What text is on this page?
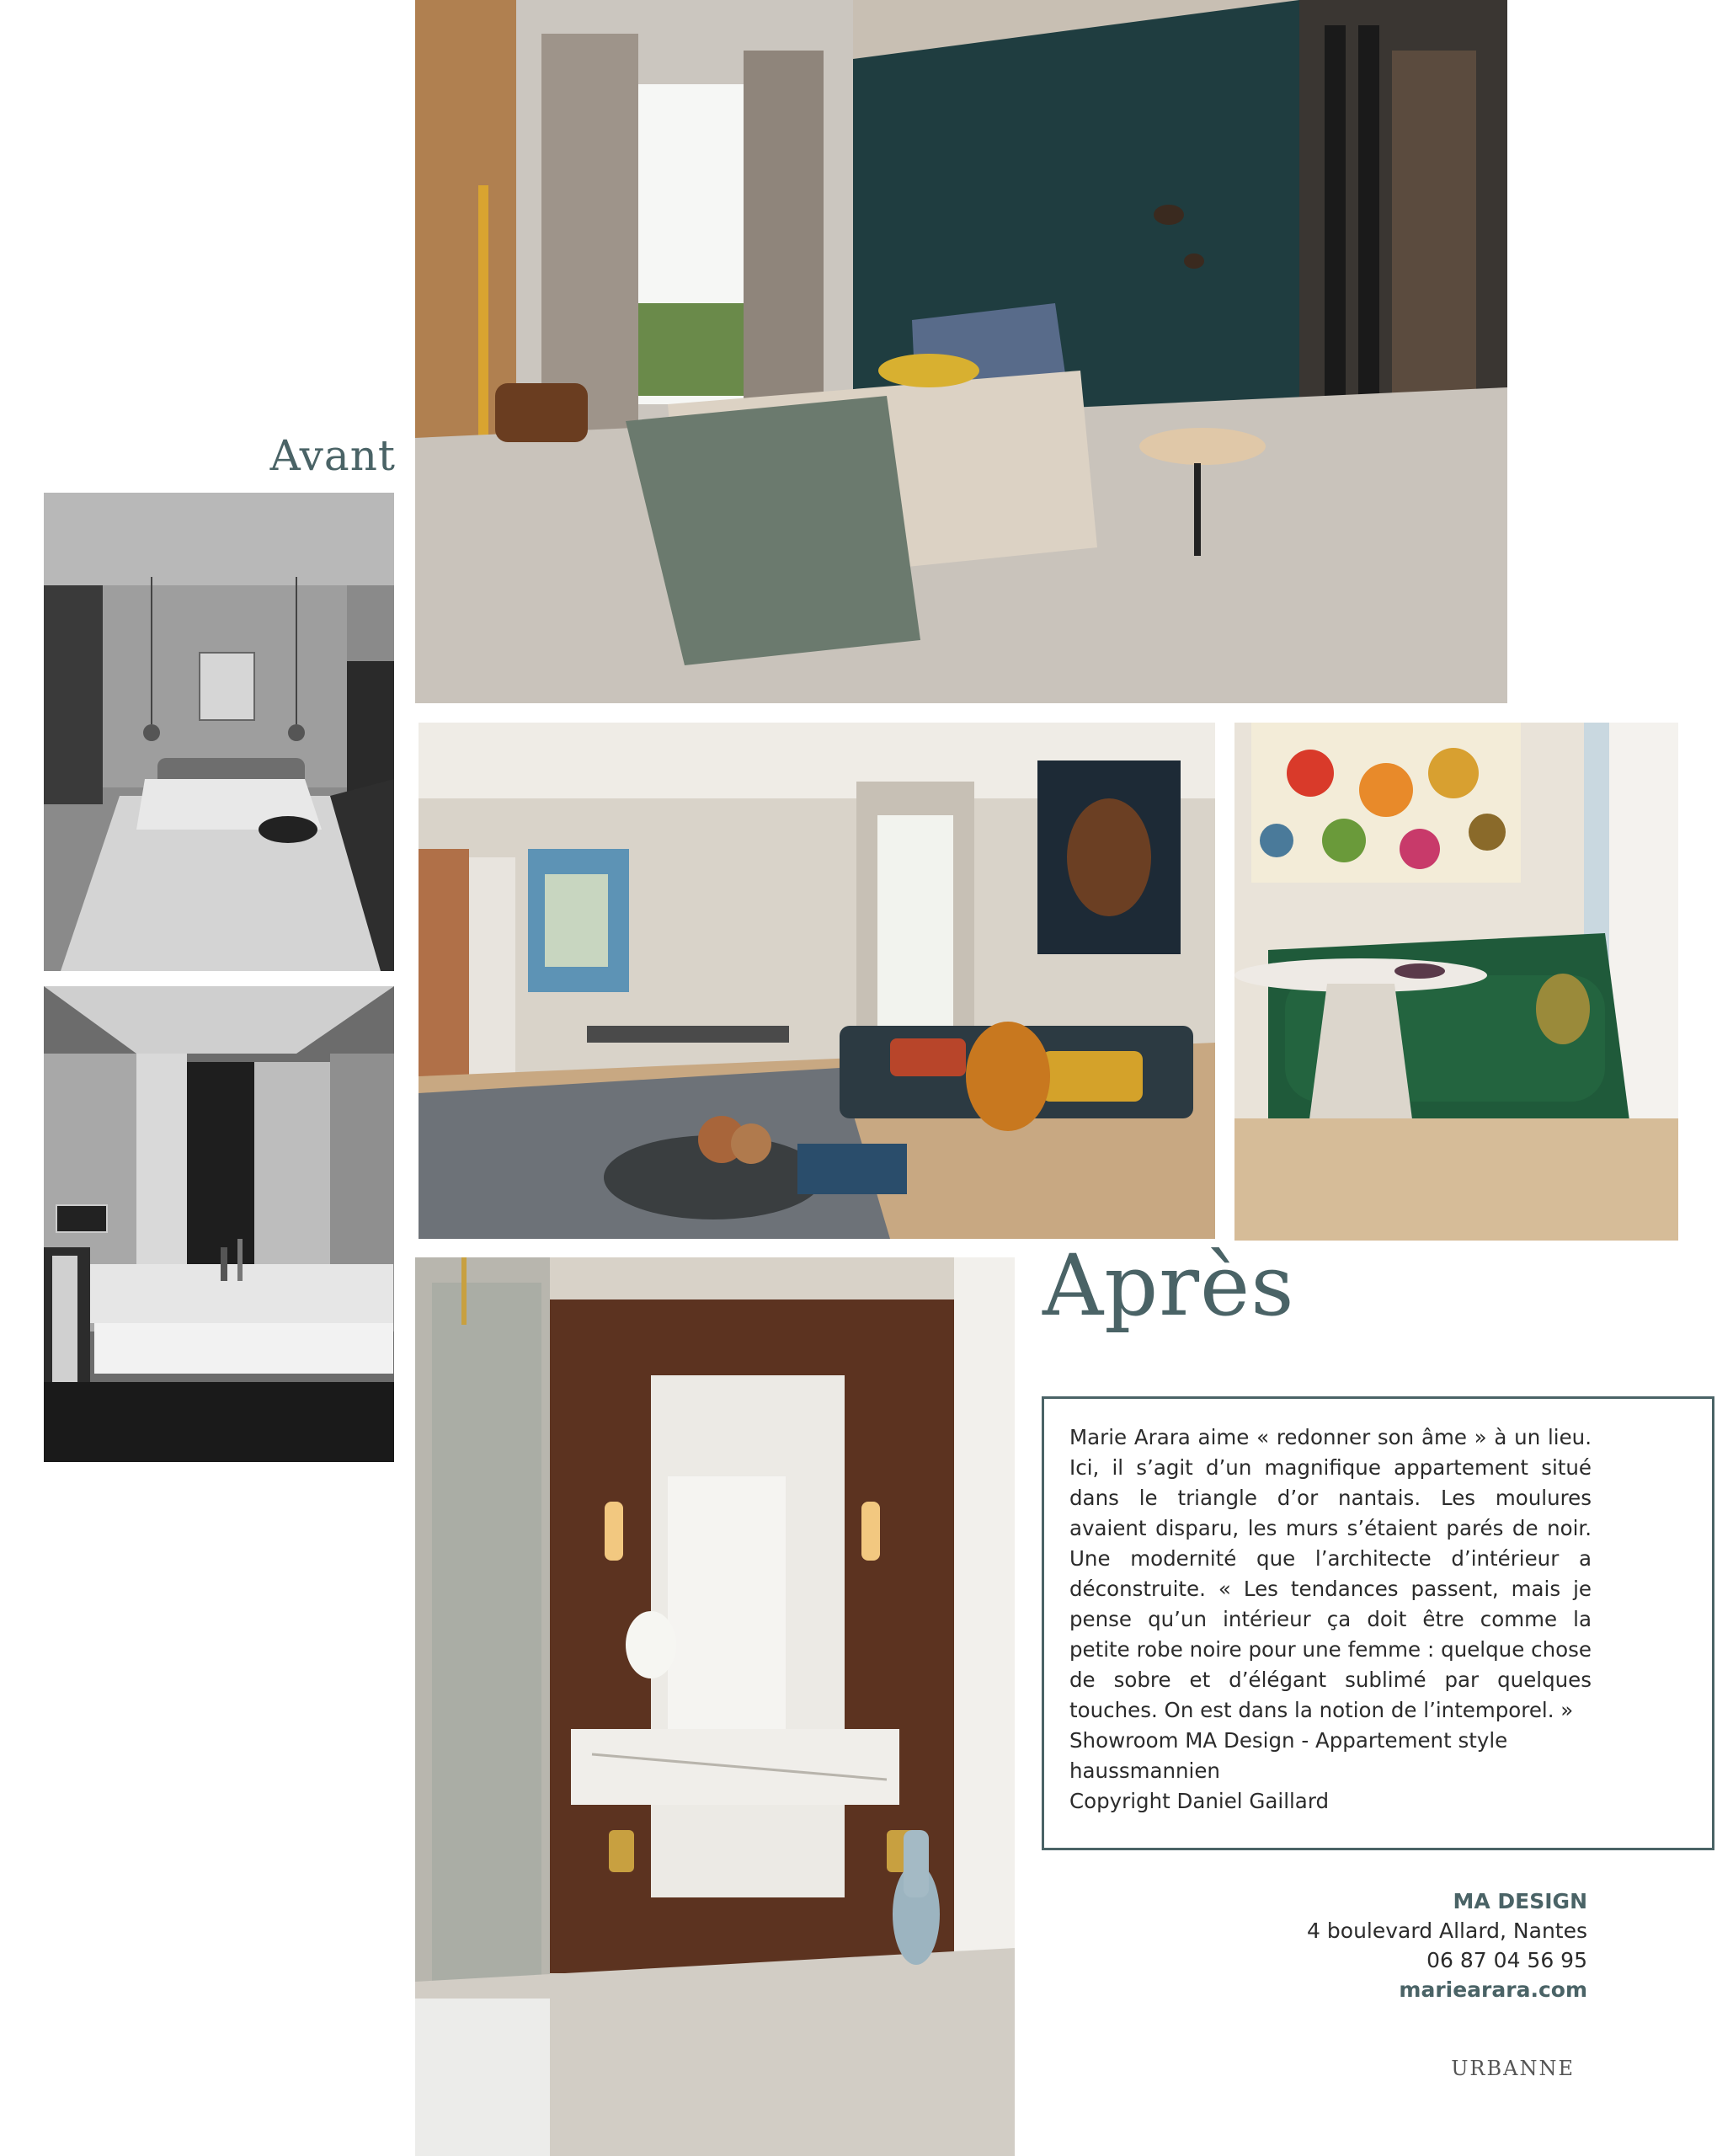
Avant
Après
Marie Arara aime « redonner son âme » à un lieu. Ici, il s’agit d’un magnifique appartement situé dans le triangle d’or nantais. Les moulures avaient disparu, les murs s’étaient parés de noir. Une modernité que l’architecte d’intérieur a déconstruite. « Les tendances passent, mais je pense qu’un intérieur ça doit être comme la petite robe noire pour une femme : quelque chose de sobre et d’élégant sublimé par quelques touches. On est dans la notion de l’intemporel. »
Showroom MA Design - Appartement style
haussmannien
Copyright Daniel Gaillard
MA DESIGN
4 boulevard Allard, Nantes
06 87 04 56 95
mariearara.com
URBANNE
